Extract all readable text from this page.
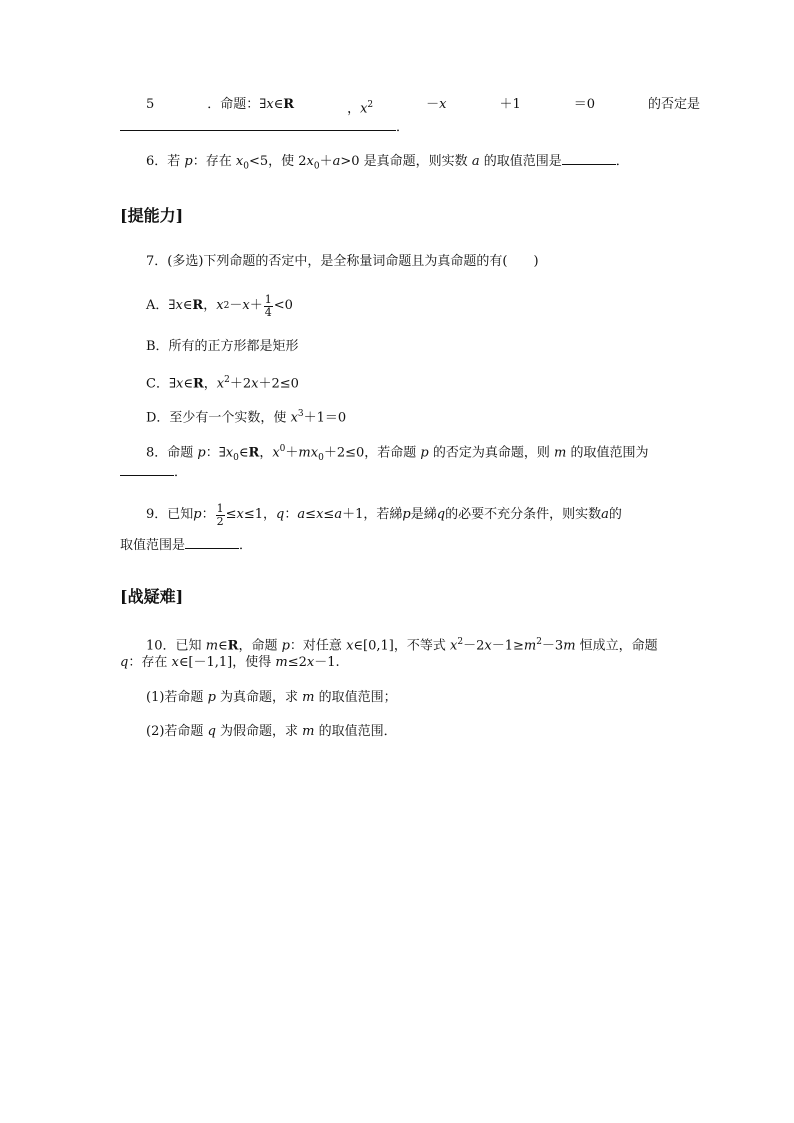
5	．命题：∃x∈R	，$x^2$	－x	＋1	＝0	的否定是
．
6．若 p：存在 $x_0<5$，使 $2x_0+a>0$ 是真命题，则实数 a 的取值范围是	．
[提能力]
7．(多选)下列命题的否定中，是全称量词命题且为真命题的有(　　)
A．∃ x ∈ R ， x $2 - x + \frac{1}{4} <0$
B．所有的正方形都是矩形
C．∃x∈R，$x^2+2x+2\le 0$
D．至少有一个实数，使 $x^3+1=0$
8．命题 p：$\exists x_0\in R$，$x^0+mx_0+2\le 0$，若命题 p 的否定为真命题，则 m 的取值范围为
．
9．已知 p ： $\frac{1}{2} \le x \le 1$， q ： a ≤ x ≤ a ＋1，若 綈 p 是 綈 q 的必要不充分条件，则实数 a 的
取值范围是	．
[战疑难]
10．已知 m∈R，命题 p：对任意 x∈[0,1]，不等式 $x^2-2x-1\ge m^2-3m$ 恒成立，命题
q：存在 x∈[－1,1]，使得 m≤2x－1.
(1)若命题 p 为真命题，求 m 的取值范围；
(2)若命题 q 为假命题，求 m 的取值范围．
